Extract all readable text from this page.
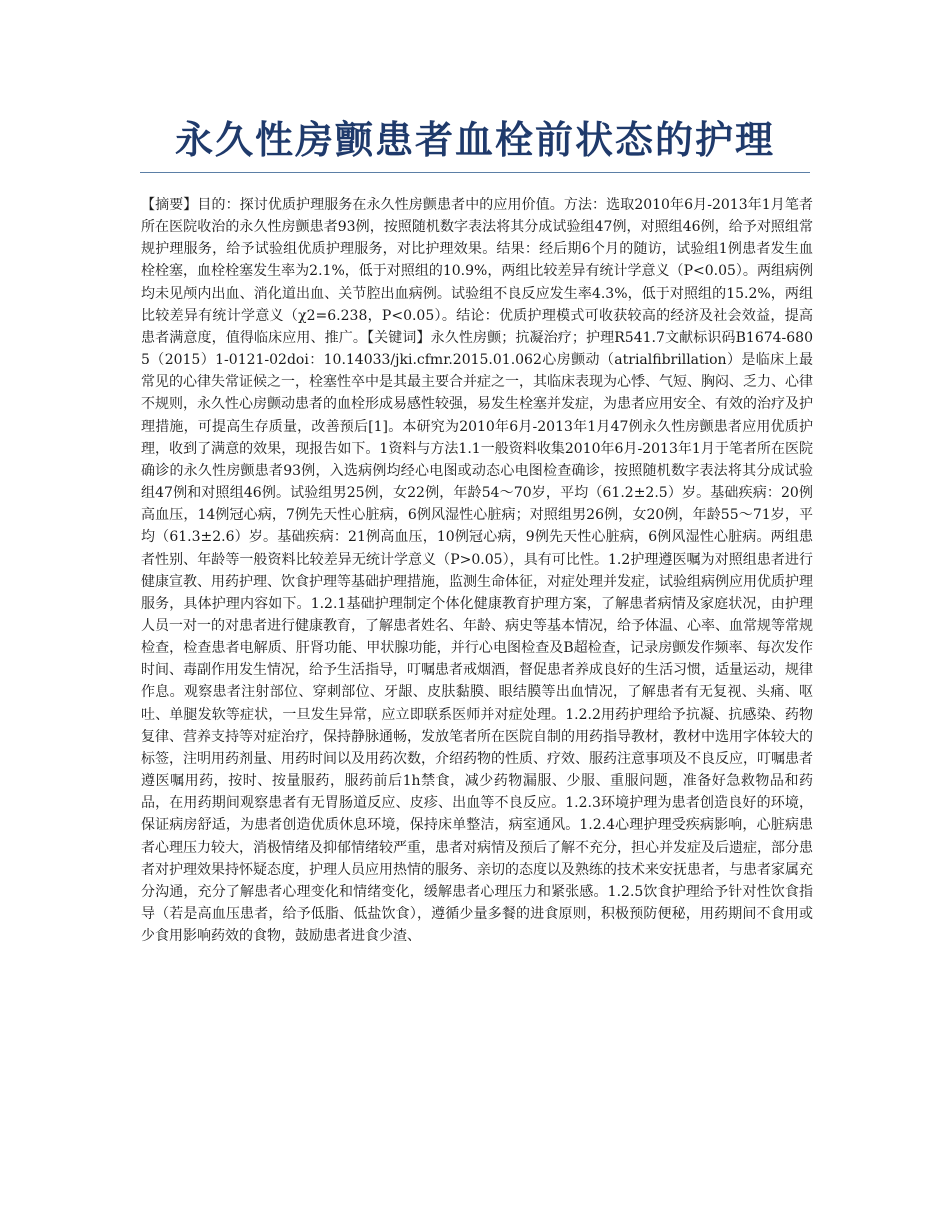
永久性房颤患者血栓前状态的护理
【摘要】目的：探讨优质护理服务在永久性房颤患者中的应用价值。方法：选取2010年6月-2013年1月笔者所在医院收治的永久性房颤患者93例，按照随机数字表法将其分成试验组47例，对照组46例，给予对照组常规护理服务，给予试验组优质护理服务，对比护理效果。结果：经后期6个月的随访，试验组1例患者发生血栓栓塞，血栓栓塞发生率为2.1%，低于对照组的10.9%，两组比较差异有统计学意义（P<0.05）。两组病例均未见颅内出血、消化道出血、关节腔出血病例。试验组不良反应发生率4.3%，低于对照组的15.2%，两组比较差异有统计学意义（χ2=6.238，P<0.05）。结论：优质护理模式可收获较高的经济及社会效益，提高患者满意度，值得临床应用、推广。【关键词】永久性房颤；抗凝治疗；护理R541.7文献标识码B1674-6805（2015）1-0121-02doi：10.14033/jki.cfmr.2015.01.062心房颤动（atrialfibrillation）是临床上最常见的心律失常证候之一，栓塞性卒中是其最主要合并症之一，其临床表现为心悸、气短、胸闷、乏力、心律不规则，永久性心房颤动患者的血栓形成易感性较强，易发生栓塞并发症，为患者应用安全、有效的治疗及护理措施，可提高生存质量，改善预后[1]。本研究为2010年6月-2013年1月47例永久性房颤患者应用优质护理，收到了满意的效果，现报告如下。1资料与方法1.1一般资料收集2010年6月-2013年1月于笔者所在医院确诊的永久性房颤患者93例，入选病例均经心电图或动态心电图检查确诊，按照随机数字表法将其分成试验组47例和对照组46例。试验组男25例，女22例，年龄54～70岁，平均（61.2±2.5）岁。基础疾病：20例高血压，14例冠心病，7例先天性心脏病，6例风湿性心脏病；对照组男26例，女20例，年龄55～71岁，平均（61.3±2.6）岁。基础疾病：21例高血压，10例冠心病，9例先天性心脏病，6例风湿性心脏病。两组患者性别、年龄等一般资料比较差异无统计学意义（P>0.05），具有可比性。1.2护理遵医嘱为对照组患者进行健康宣教、用药护理、饮食护理等基础护理措施，监测生命体征，对症处理并发症，试验组病例应用优质护理服务，具体护理内容如下。1.2.1基础护理制定个体化健康教育护理方案，了解患者病情及家庭状况，由护理人员一对一的对患者进行健康教育，了解患者姓名、年龄、病史等基本情况，给予体温、心率、血常规等常规检查，检查患者电解质、肝肾功能、甲状腺功能，并行心电图检查及B超检查，记录房颤发作频率、每次发作时间、毒副作用发生情况，给予生活指导，叮嘱患者戒烟酒，督促患者养成良好的生活习惯，适量运动，规律作息。观察患者注射部位、穿刺部位、牙龈、皮肤黏膜、眼结膜等出血情况，了解患者有无复视、头痛、呕吐、单腿发软等症状，一旦发生异常，应立即联系医师并对症处理。1.2.2用药护理给予抗凝、抗感染、药物复律、营养支持等对症治疗，保持静脉通畅，发放笔者所在医院自制的用药指导教材，教材中选用字体较大的标签，注明用药剂量、用药时间以及用药次数，介绍药物的性质、疗效、服药注意事项及不良反应，叮嘱患者遵医嘱用药，按时、按量服药，服药前后1h禁食，减少药物漏服、少服、重服问题，准备好急救物品和药品，在用药期间观察患者有无胃肠道反应、皮疹、出血等不良反应。1.2.3环境护理为患者创造良好的环境，保证病房舒适，为患者创造优质休息环境，保持床单整洁，病室通风。1.2.4心理护理受疾病影响，心脏病患者心理压力较大，消极情绪及抑郁情绪较严重，患者对病情及预后了解不充分，担心并发症及后遗症，部分患者对护理效果持怀疑态度，护理人员应用热情的服务、亲切的态度以及熟练的技术来安抚患者，与患者家属充分沟通，充分了解患者心理变化和情绪变化，缓解患者心理压力和紧张感。1.2.5饮食护理给予针对性饮食指导（若是高血压患者，给予低脂、低盐饮食），遵循少量多餐的进食原则，积极预防便秘，用药期间不食用或少食用影响药效的食物，鼓励患者进食少渣、
